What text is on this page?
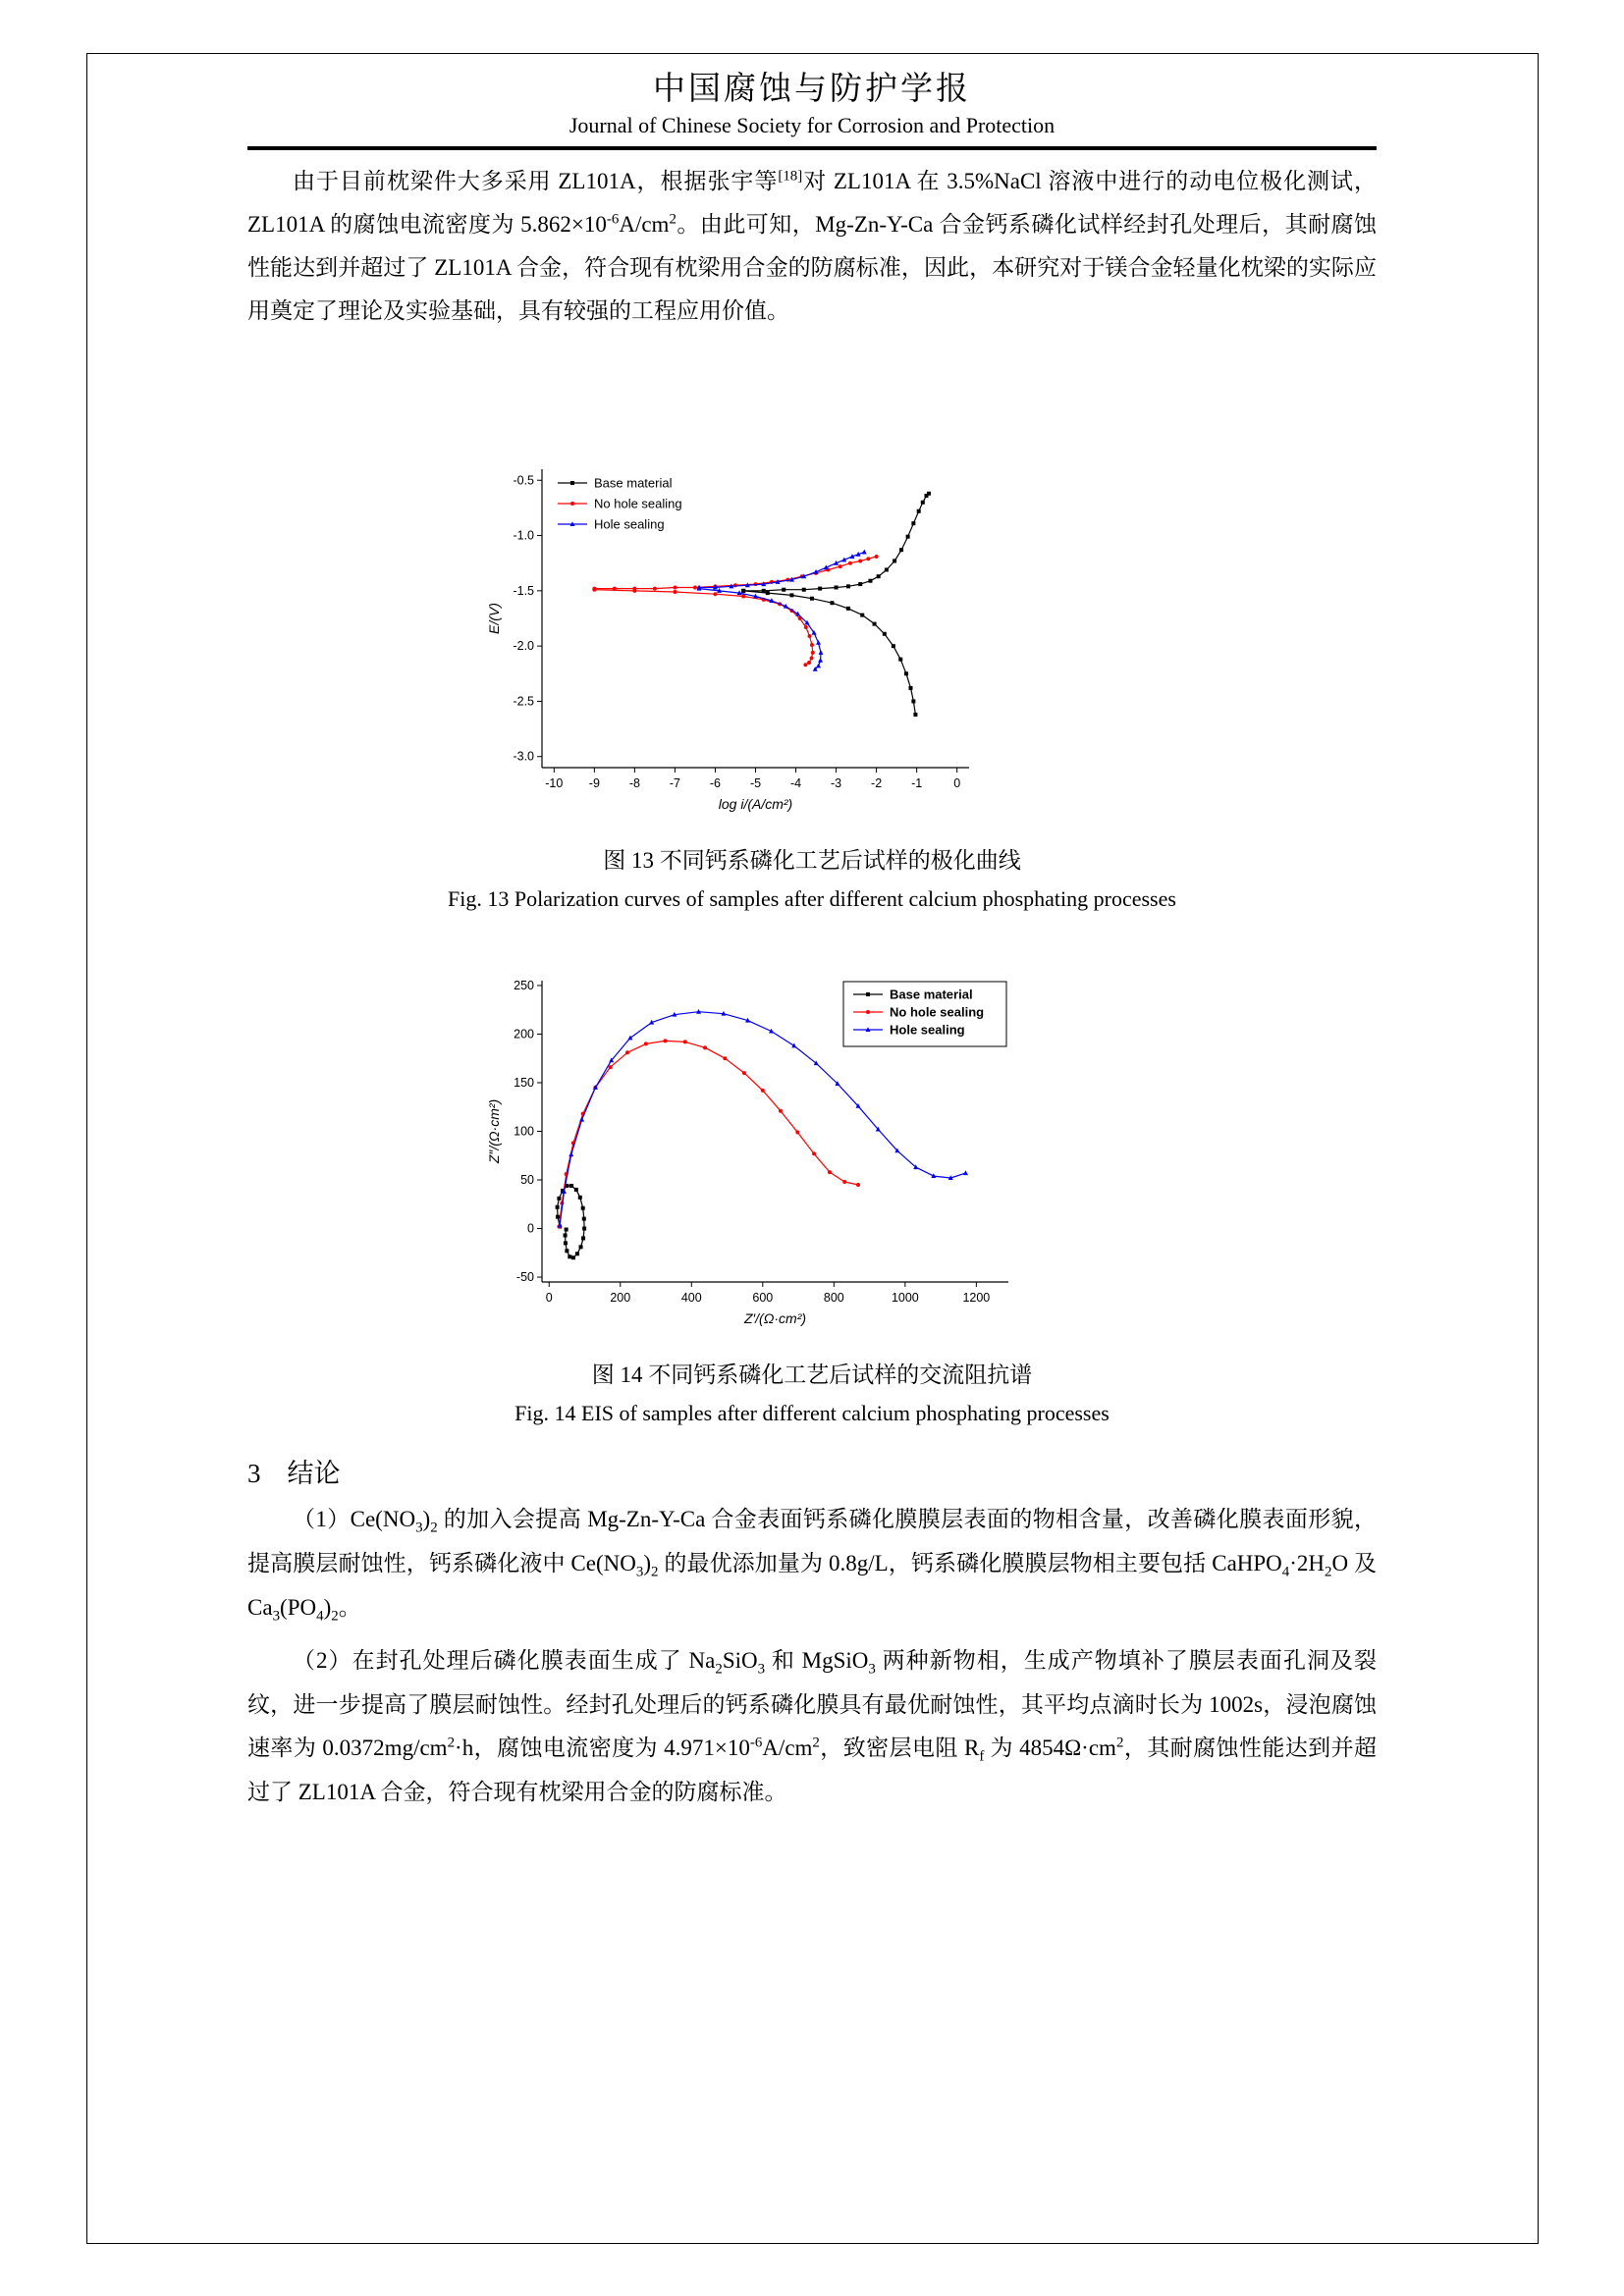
中国腐蚀与防护学报
Journal of Chinese Society for Corrosion and Protection

由于目前枕梁件大多采用 ZL101A，根据张宇等[18]对 ZL101A 在 3.5%NaCl 溶液中进行的动电位极化测试，ZL101A 的腐蚀电流密度为 $5.862\times 10^{-6}A/cm^2$。由此可知，Mg-Zn-Y-Ca 合金钙系磷化试样经封孔处理后，其耐腐蚀性能达到并超过了 ZL101A 合金，符合现有枕梁用合金的防腐标准，因此，本研究对于镁合金轻量化枕梁的实际应用奠定了理论及实验基础，具有较强的工程应用价值。

-10 -9 -8 -7 -6 -5 -4 -3 -2 -1	0
-0.5
-1.0
-1.5
-2.0
-2.5
-3.0
log i/(A/cm²)
E/(V)
Base material
No hole sealing
Hole sealing
图 13 不同钙系磷化工艺后试样的极化曲线
Fig. 13 Polarization curves of samples after different calcium phosphating processes
0	200	400	600	800	1000	1200
-50
0
50
100
150
200
250
Z′/(Ω·cm²)
Z″/(Ω·cm²)
Base material
No hole sealing
Hole sealing
图 14 不同钙系磷化工艺后试样的交流阻抗谱
Fig. 14 EIS of samples after different calcium phosphating processes
3　结论

$(1)Ce(NO_3)_2$ 的加入会提高 Mg-Zn-Y-Ca 合金表面钙系磷化膜膜层表面的物相含量，改善磷化膜表面形貌，提高膜层耐蚀性，钙系磷化液中 $Ce(NO_3)_2$ 的最优添加量为 0.8g/L，钙系磷化膜膜层物相主要包括 $CaHPO_4\cdot 2H_2O$ 及 $Ca_3(PO_4)_2$。

（2）在封孔处理后磷化膜表面生成了 $Na_2SiO_3$ 和 MgSiO$_3$ 两种新物相，生成产物填补了膜层表面孔洞及裂纹，进一步提高了膜层耐蚀性。经封孔处理后的钙系磷化膜具有最优耐蚀性，其平均点滴时长为 1002s，浸泡腐蚀速率为 $0.0372mg/cm^2\cdot h$，腐蚀电流密度为 $4.971\times 10^{-6}A/cm^2$，致密层电阻 $R_f$ 为 $4854\Omega\cdot cm^2$，其耐腐蚀性能达到并超过了 ZL101A 合金，符合现有枕梁用合金的防腐标准。
